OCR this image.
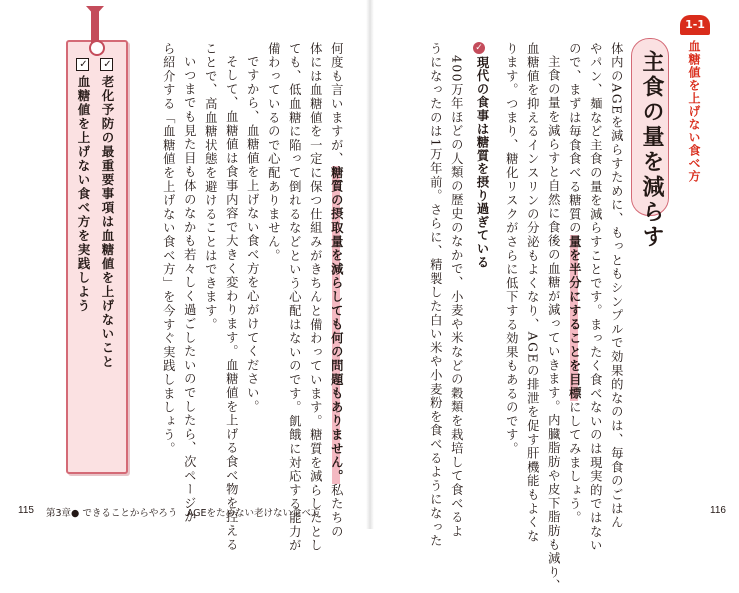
1-1
血糖値を上げない食べ方
主食の量を減らす
体内のAGEを減らすために、もっともシンプルで効果的なのは、毎食のごはん
やパン、麺など主食の量を減らすことです。まったく食べないのは現実的ではない
ので、まずは毎食食べる糖質の量を半分にすることを目標にしてみましょう。
主食の量を減らすと自然に食後の血糖が減っていきます。内臓脂肪や皮下脂肪も減り、
血糖値を抑えるインスリンの分泌もよくなり、AGEの排泄を促す肝機能もよくな
ります。つまり、糖化リスクがさらに低下する効果もあるのです。
✓
現代の食事は糖質を摂り過ぎている
400万年ほどの人類の歴史のなかで、小麦や米などの穀類を栽培して食べるよ
うになったのは1万年前。さらに、精製した白い米や小麦粉を食べるようになった	116
何度も言いますが、糖質の摂取量を減らしても何の問題もありません。私たちの
体には血糖値を一定に保つ仕組みがきちんと備わっています。糖質を減らしたとし
ても、低血糖に陥って倒れるなどという心配はないのです。飢餓に対応する能力が
備わっているので心配ありません。
ですから、血糖値を上げない食べ方を心がけてください。
そして、血糖値は食事内容で大きく変わります。血糖値を上げる食べ物を控える
ことで、高血糖状態を避けることはできます。
いつまでも見た目も体のなかも若々しく過ごしたいのでしたら、次ページか
ら紹介する「血糖値を上げない食べ方」を今すぐ実践しましょう。
✓老化予防の最重要事項は血糖値を上げないこと
✓血糖値を上げない食べ方を実践しよう
115 第3章● できることからやろう　AGEをためない老けない食べ方
